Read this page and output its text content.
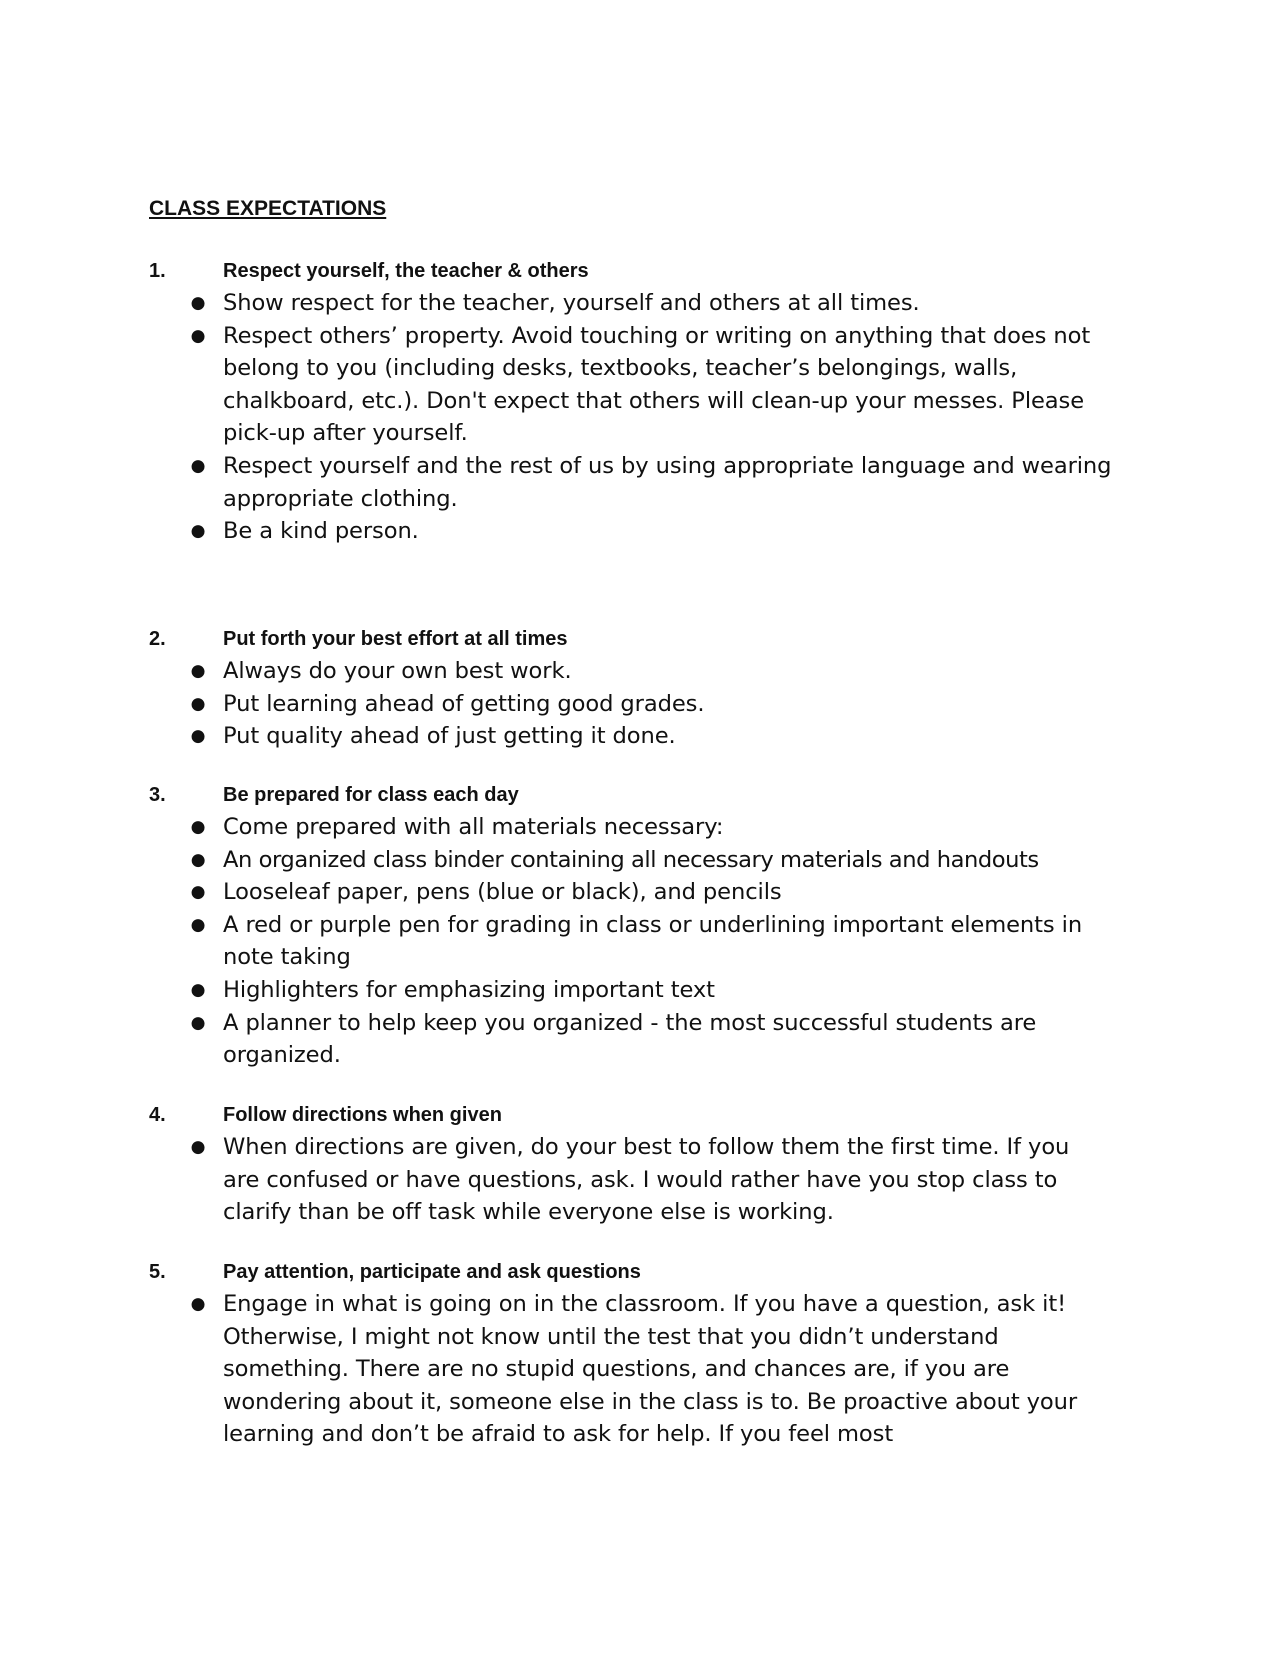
CLASS EXPECTATIONS
1.	Respect yourself, the teacher & others
● Show respect for the teacher, yourself and others at all times.
● Respect others’ property. Avoid touching or writing on anything that does not belong to you (including desks, textbooks, teacher’s belongings, walls, chalkboard, etc.). Don't expect that others will clean-up your messes. Please pick-up after yourself.
● Respect yourself and the rest of us by using appropriate language and wearing appropriate clothing.
● Be a kind person.
2.	Put forth your best effort at all times
● Always do your own best work.
● Put learning ahead of getting good grades.
● Put quality ahead of just getting it done.
3.	Be prepared for class each day
● Come prepared with all materials necessary:
● An organized class binder containing all necessary materials and handouts
● Looseleaf paper, pens (blue or black), and pencils
● A red or purple pen for grading in class or underlining important elements in note taking
● Highlighters for emphasizing important text
● A planner to help keep you organized - the most successful students are organized.
4.	Follow directions when given
● When directions are given, do your best to follow them the first time. If you are confused or have questions, ask. I would rather have you stop class to clarify than be off task while everyone else is working.
5.	Pay attention, participate and ask questions
● Engage in what is going on in the classroom. If you have a question, ask it! Otherwise, I might not know until the test that you didn’t understand something. There are no stupid questions, and chances are, if you are wondering about it, someone else in the class is to. Be proactive about your learning and don’t be afraid to ask for help. If you feel most
